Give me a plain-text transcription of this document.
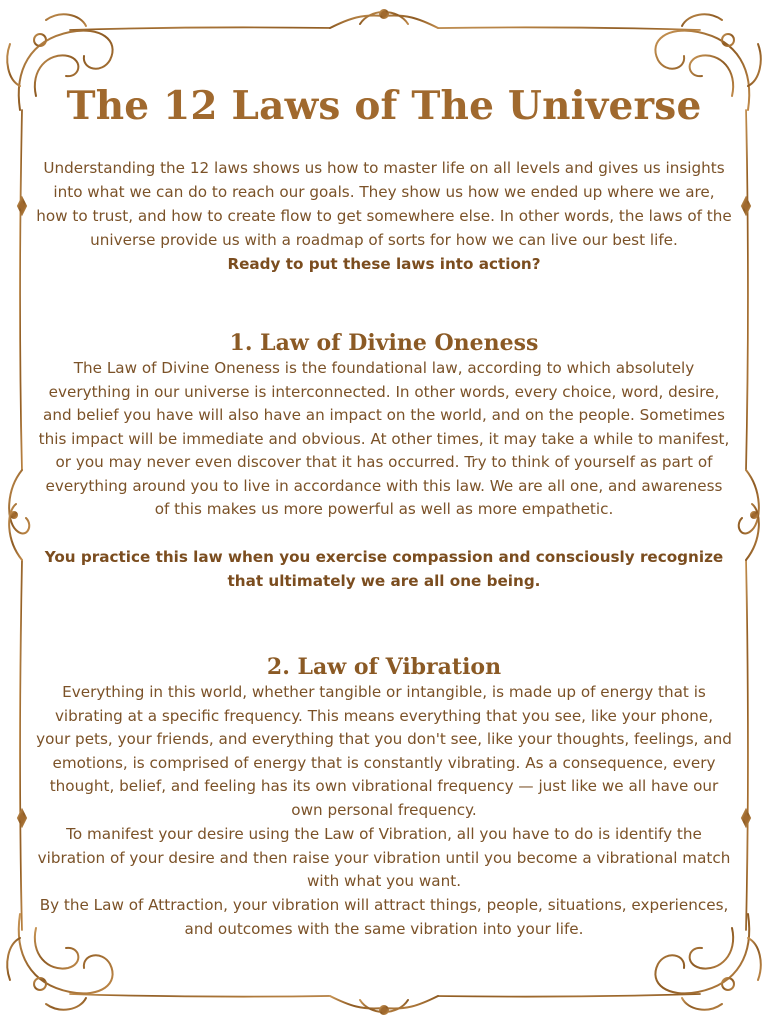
The 12 Laws of The Universe

Understanding the 12 laws shows us how to master life on all levels and gives us insights into what we can do to reach our goals. They show us how we ended up where we are, how to trust, and how to create flow to get somewhere else. In other words, the laws of the universe provide us with a roadmap of sorts for how we can live our best life.

Ready to put these laws into action?

1. Law of Divine Oneness

The Law of Divine Oneness is the foundational law, according to which absolutely everything in our universe is interconnected. In other words, every choice, word, desire, and belief you have will also have an impact on the world, and on the people. Sometimes this impact will be immediate and obvious. At other times, it may take a while to manifest, or you may never even discover that it has occurred. Try to think of yourself as part of everything around you to live in accordance with this law. We are all one, and awareness of this makes us more powerful as well as more empathetic.

You practice this law when you exercise compassion and consciously recognize that ultimately we are all one being.

2. Law of Vibration

Everything in this world, whether tangible or intangible, is made up of energy that is vibrating at a specific frequency. This means everything that you see, like your phone, your pets, your friends, and everything that you don't see, like your thoughts, feelings, and emotions, is comprised of energy that is constantly vibrating. As a consequence, every thought, belief, and feeling has its own vibrational frequency — just like we all have our own personal frequency.

To manifest your desire using the Law of Vibration, all you have to do is identify the vibration of your desire and then raise your vibration until you become a vibrational match with what you want.

By the Law of Attraction, your vibration will attract things, people, situations, experiences, and outcomes with the same vibration into your life.
